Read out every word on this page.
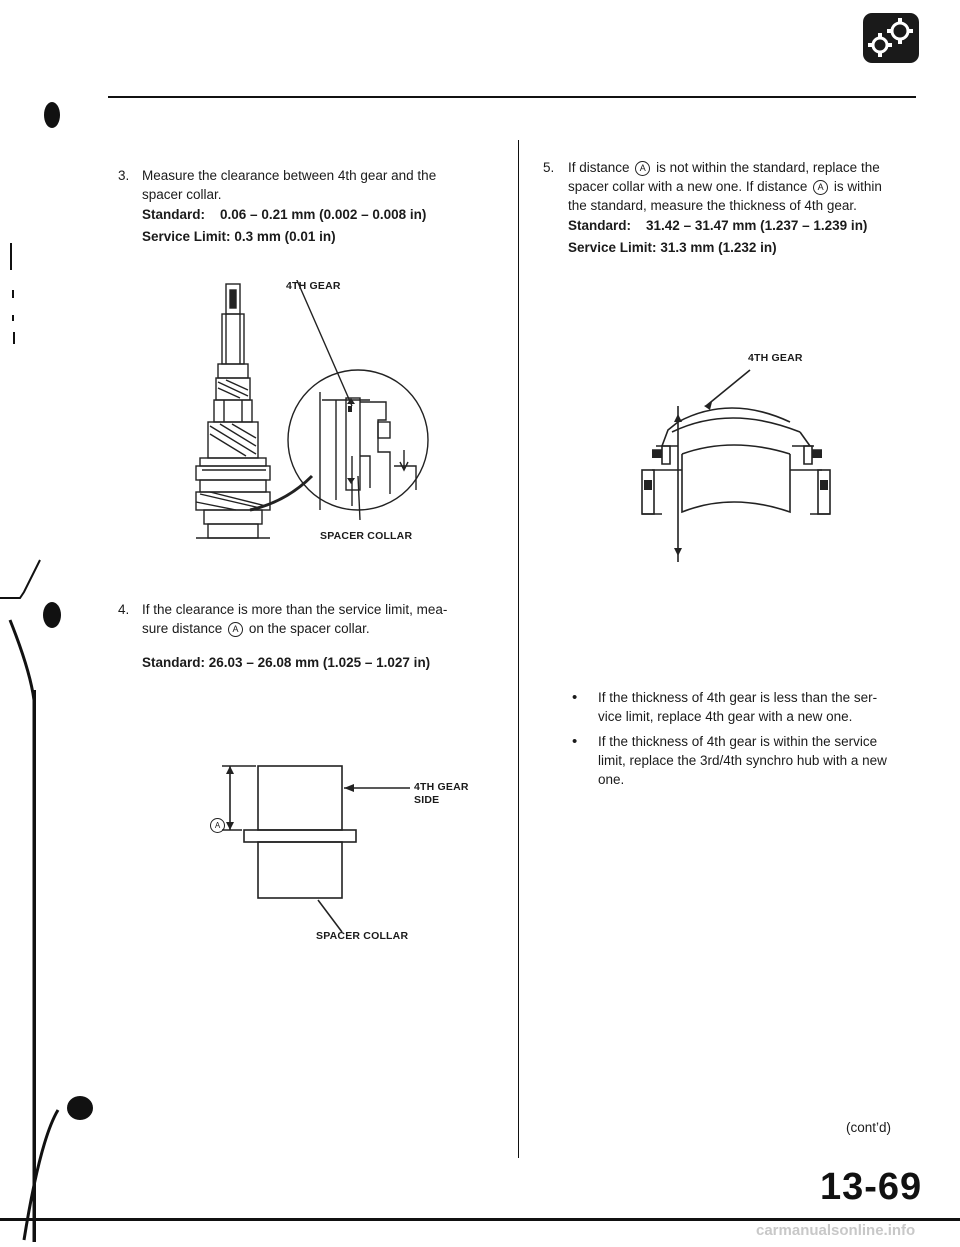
3. Measure the clearance between 4th gear and the
spacer collar.
Standard: 0.06 – 0.21 mm (0.002 – 0.008 in)
Service Limit: 0.3 mm (0.01 in)
4TH GEAR
SPACER COLLAR
4. If the clearance is more than the service limit, mea-
sure distance A on the spacer collar.
Standard: 26.03 – 26.08 mm (1.025 – 1.027 in)
A
4TH GEAR
SIDE
SPACER COLLAR
5. If distance A is not within the standard, replace the
spacer collar with a new one. If distance A is within
the standard, measure the thickness of 4th gear.
Standard: 31.42 – 31.47 mm (1.237 – 1.239 in)
Service Limit: 31.3 mm (1.232 in)
4TH GEAR
• If the thickness of 4th gear is less than the ser-
vice limit, replace 4th gear with a new one.
• If the thickness of 4th gear is within the service
limit, replace the 3rd/4th synchro hub with a new
one.
(cont’d)
13-69
carmanualsonline.info
